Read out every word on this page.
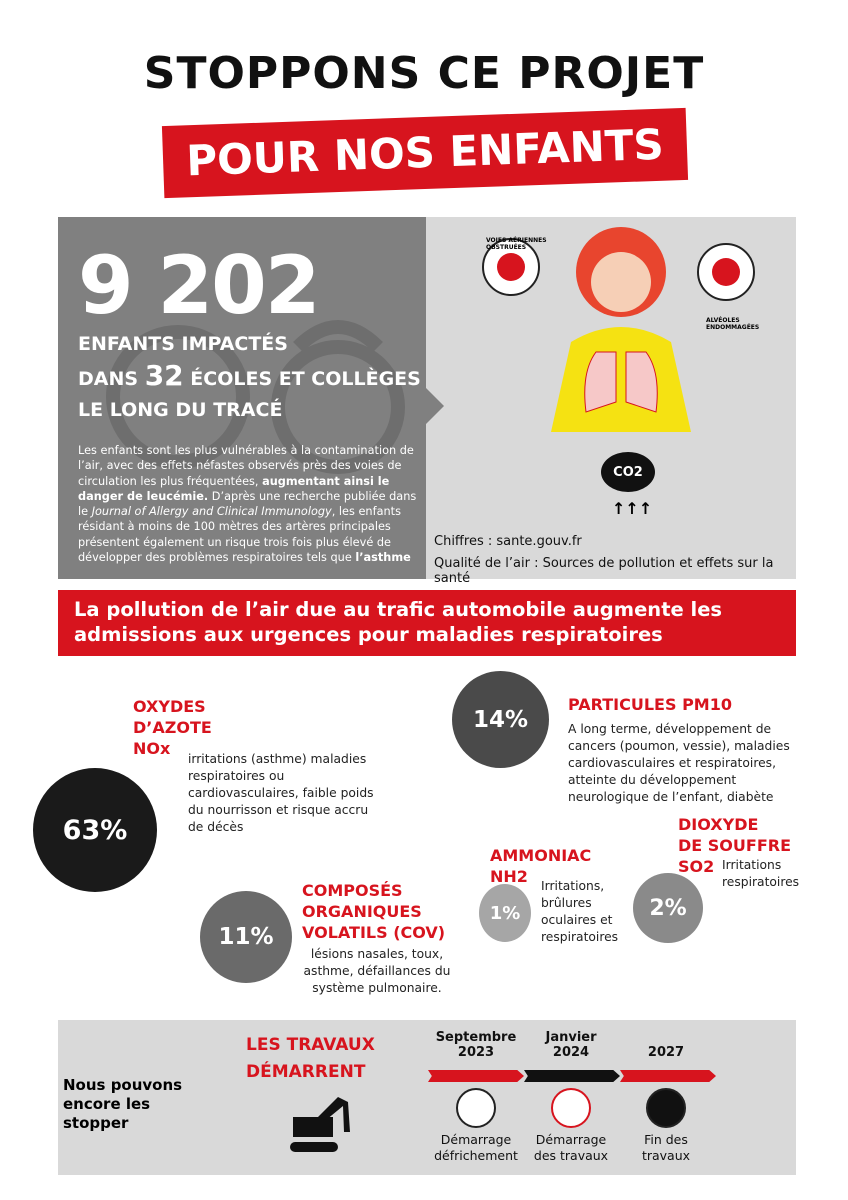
STOPPONS CE PROJET
POUR NOS ENFANTS
9 202
ENFANTS IMPACTÉS
DANS 32 ÉCOLES ET COLLÈGES
LE LONG DU TRACÉ

Les enfants sont les plus vulnérables à la contamination de l’air, avec des effets néfastes observés près des voies de circulation les plus fréquentées, augmentant ainsi le danger de leucémie. D’après une recherche publiée dans le Journal of Allergy and Clinical Immunology, les enfants résidant à moins de 100 mètres des artères principales présentent également un risque trois fois plus élevé de développer des problèmes respiratoires tels que l’asthme

VOIES AÉRIENNES OBSTRUÉES
ALVÉOLES ENDOMMAGÉES
CO2
↑↑↑
Chiffres : sante.gouv.fr
Qualité de l’air : Sources de pollution et effets sur la santé
La pollution de l’air due au trafic automobile augmente les
admissions aux urgences pour maladies respiratoires
63%
OXYDES
D’AZOTE
NOx
irritations (asthme) maladies respiratoires ou cardiovasculaires, faible poids du nourrisson et risque accru de décès
14%
PARTICULES PM10
A long terme, développement de cancers (poumon, vessie), maladies cardiovasculaires et respiratoires, atteinte du développement neurologique de l’enfant, diabète
11%
COMPOSÉS
ORGANIQUES
VOLATILS (COV)
lésions nasales, toux, asthme, défaillances du système pulmonaire.
1%
AMMONIAC
NH2	Irritations, brûlures oculaires et respiratoires
2%
DIOXYDE
DE SOUFFRE
SO2 Irritations respiratoires
Nous pouvons encore les stopper
LES TRAVAUX
DÉMARRENT
Septembre
2023
Démarrage
défrichement
Janvier
2024
Démarrage
des travaux

2027
Fin des
travaux
